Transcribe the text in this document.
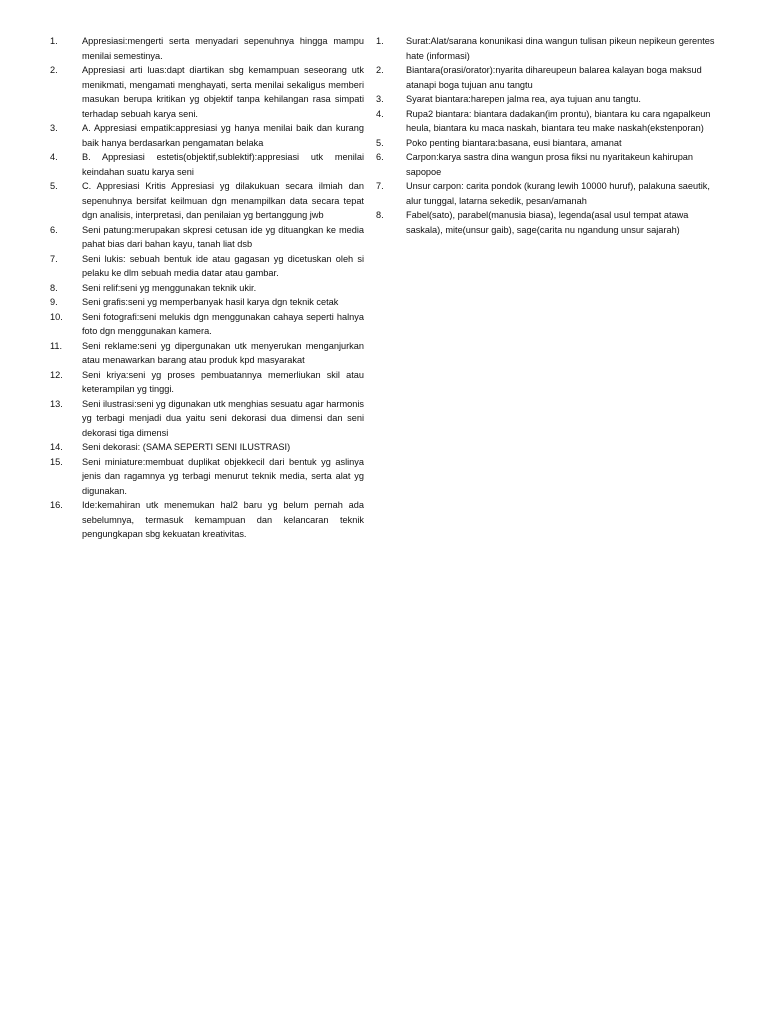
1.	Appresiasi:mengerti serta menyadari sepenuhnya hingga mampu menilai semestinya.
2.	Appresiasi arti luas:dapt diartikan sbg kemampuan seseorang utk menikmati, mengamati menghayati, serta menilai sekaligus memberi masukan berupa kritikan yg objektif tanpa kehilangan rasa simpati terhadap sebuah karya seni.
3.	A. Appresiasi empatik:appresiasi yg hanya menilai baik dan kurang baik hanya berdasarkan pengamatan belaka
4.	B. Appresiasi estetis(objektif,sublektif):appresiasi utk menilai keindahan suatu karya seni
5.	C. Appresiasi Kritis Appresiasi yg dilakukuan secara ilmiah dan sepenuhnya bersifat keilmuan dgn menampilkan data secara tepat dgn analisis, interpretasi, dan penilaian yg bertanggung jwb
6.	Seni patung:merupakan skpresi cetusan ide yg dituangkan ke media pahat bias dari bahan kayu, tanah liat dsb
7.	Seni lukis: sebuah bentuk ide atau gagasan yg dicetuskan oleh si pelaku ke dlm sebuah media datar atau gambar.
8.	Seni relif:seni yg menggunakan teknik ukir.
9.	Seni grafis:seni yg memperbanyak hasil karya dgn teknik cetak
10.	Seni fotografi:seni melukis dgn menggunakan cahaya seperti halnya foto dgn menggunakan kamera.
11.	Seni reklame:seni yg dipergunakan utk menyerukan menganjurkan atau menawarkan barang atau produk kpd masyarakat
12.	Seni kriya:seni yg proses pembuatannya memerliukan skil atau keterampilan yg tinggi.
13.	Seni ilustrasi:seni yg digunakan utk menghias sesuatu agar harmonis yg terbagi menjadi dua yaitu seni dekorasi dua dimensi dan seni dekorasi tiga dimensi
14.	Seni dekorasi: (SAMA SEPERTI SENI ILUSTRASI)
15.	Seni miniature:membuat duplikat objekkecil dari bentuk yg aslinya jenis dan ragamnya yg terbagi menurut teknik media, serta alat yg digunakan.
16.	Ide:kemahiran utk menemukan hal2 baru yg belum pernah ada sebelumnya, termasuk kemampuan dan kelancaran teknik pengungkapan sbg kekuatan kreativitas.
1.	Surat:Alat/sarana konunikasi dina wangun tulisan pikeun nepikeun gerentes hate (informasi)
2.	Biantara(orasi/orator):nyarita dihareupeun balarea kalayan boga maksud atanapi boga tujuan anu tangtu
3.	Syarat biantara:harepen jalma rea, aya tujuan anu tangtu.
4.	Rupa2 biantara: biantara dadakan(im prontu), biantara ku cara ngapalkeun heula, biantara ku maca naskah, biantara teu make naskah(ekstenporan)
5.	Poko penting biantara:basana, eusi biantara, amanat
6.	Carpon:karya sastra dina wangun prosa fiksi nu nyaritakeun kahirupan sapopoe
7.	Unsur carpon: carita pondok (kurang lewih 10000 huruf), palakuna saeutik, alur tunggal, latarna sekedik, pesan/amanah
8.	Fabel(sato), parabel(manusia biasa), legenda(asal usul tempat atawa saskala), mite(unsur gaib), sage(carita nu ngandung unsur sajarah)
